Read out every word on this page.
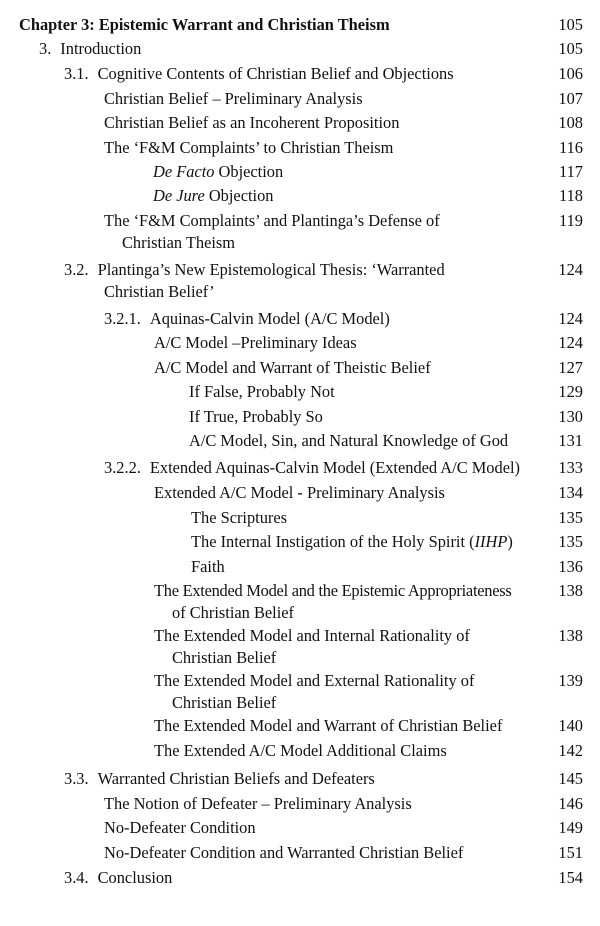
Chapter 3: Epistemic Warrant and Christian Theism	105
3. Introduction	105
3.1. Cognitive Contents of Christian Belief and Objections	106
Christian Belief – Preliminary Analysis	107
Christian Belief as an Incoherent Proposition	108
The ‘F&M Complaints’ to Christian Theism	116
De Facto Objection	117
De Jure Objection	118
The ‘F&M Complaints’ and Plantinga’s Defense of	119
Christian Theism
3.2. Plantinga’s New Epistemological Thesis: ‘Warranted	124
Christian Belief’
3.2.1. Aquinas-Calvin Model (A/C Model)	124
A/C Model –Preliminary Ideas	124
A/C Model and Warrant of Theistic Belief	127
If False, Probably Not	129
If True, Probably So	130
A/C Model, Sin, and Natural Knowledge of God	131
3.2.2. Extended Aquinas-Calvin Model (Extended A/C Model)	133
Extended A/C Model - Preliminary Analysis	134
The Scriptures	135
The Internal Instigation of the Holy Spirit (IIHP)	135
Faith	136
The Extended Model and the Epistemic Appropriateness	138
of Christian Belief
The Extended Model and Internal Rationality of	138
Christian Belief
The Extended Model and External Rationality of	139
Christian Belief
The Extended Model and Warrant of Christian Belief	140
The Extended A/C Model Additional Claims	142
3.3. Warranted Christian Beliefs and Defeaters	145
The Notion of Defeater – Preliminary Analysis	146
No-Defeater Condition	149
No-Defeater Condition and Warranted Christian Belief	151
3.4. Conclusion	154
